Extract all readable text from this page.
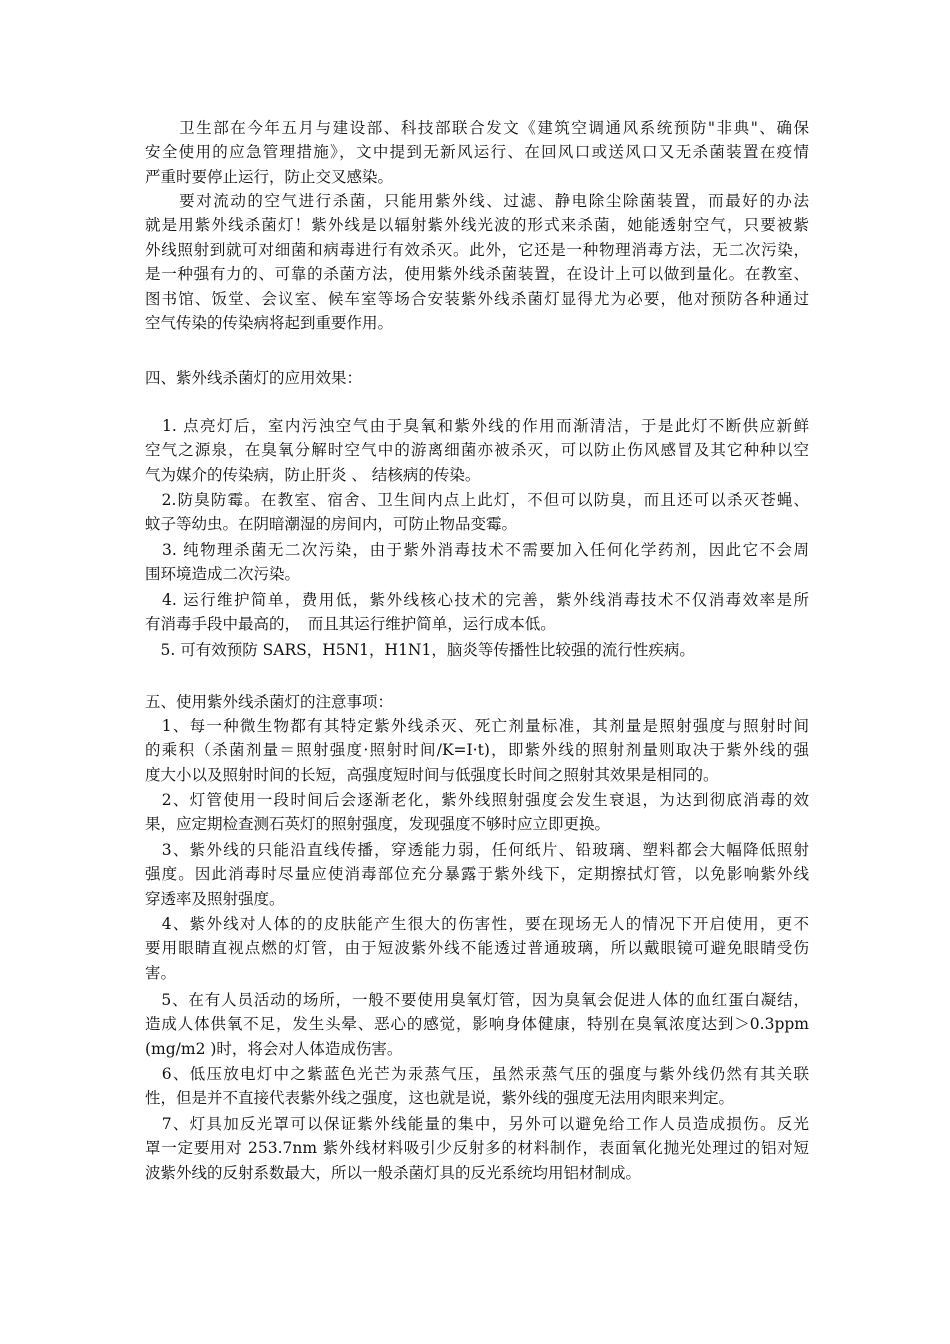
　　卫生部在今年五月与建设部、科技部联合发文《建筑空调通风系统预防"非典"、确保
安全使用的应急管理措施》，文中提到无新风运行、在回风口或送风口又无杀菌装置在疫情
严重时要停止运行，防止交叉感染。
　　要对流动的空气进行杀菌，只能用紫外线、过滤、静电除尘除菌装置，而最好的办法
就是用紫外线杀菌灯！紫外线是以辐射紫外线光波的形式来杀菌，她能透射空气，只要被紫
外线照射到就可对细菌和病毒进行有效杀灭。此外，它还是一种物理消毒方法，无二次污染，
是一种强有力的、可靠的杀菌方法，使用紫外线杀菌装置，在设计上可以做到量化。在教室、
图书馆、饭堂、会议室、候车室等场合安装紫外线杀菌灯显得尤为必要，他对预防各种通过
空气传染的传染病将起到重要作用。

四、紫外线杀菌灯的应用效果：

　1. 点亮灯后，室内污浊空气由于臭氧和紫外线的作用而渐清洁，于是此灯不断供应新鲜
空气之源泉，在臭氧分解时空气中的游离细菌亦被杀灭，可以防止伤风感冒及其它种种以空
气为媒介的传染病，防止肝炎 、 结核病的传染。
　2.防臭防霉。在教室、宿舍、卫生间内点上此灯，不但可以防臭，而且还可以杀灭苍蝇、
蚊子等幼虫。在阴暗潮湿的房间内，可防止物品变霉。
　3. 纯物理杀菌无二次污染，由于紫外消毒技术不需要加入任何化学药剂，因此它不会周
围环境造成二次污染。
　4. 运行维护简单，费用低，紫外线核心技术的完善，紫外线消毒技术不仅消毒效率是所
有消毒手段中最高的，　而且其运行维护简单，运行成本低。
　5. 可有效预防 SARS，H5N1，H1N1，脑炎等传播性比较强的流行性疾病。

五、使用紫外线杀菌灯的注意事项：

　1、每一种微生物都有其特定紫外线杀灭、死亡剂量标准，其剂量是照射强度与照射时间
的乘积（杀菌剂量＝照射强度·照射时间/K=I·t)，即紫外线的照射剂量则取决于紫外线的强
度大小以及照射时间的长短，高强度短时间与低强度长时间之照射其效果是相同的。
　2、灯管使用一段时间后会逐渐老化，紫外线照射强度会发生衰退，为达到彻底消毒的效
果，应定期检查测石英灯的照射强度，发现强度不够时应立即更换。
　3、紫外线的只能沿直线传播，穿透能力弱，任何纸片、铅玻璃、塑料都会大幅降低照射
强度。因此消毒时尽量应使消毒部位充分暴露于紫外线下，定期擦拭灯管，以免影响紫外线
穿透率及照射强度。
　4、紫外线对人体的的皮肤能产生很大的伤害性，要在现场无人的情况下开启使用，更不
要用眼睛直视点燃的灯管，由于短波紫外线不能透过普通玻璃，所以戴眼镜可避免眼睛受伤
害。
　5、在有人员活动的场所，一般不要使用臭氧灯管，因为臭氧会促进人体的血红蛋白凝结，
造成人体供氧不足，发生头晕、恶心的感觉，影响身体健康，特别在臭氧浓度达到＞0.3ppm
(mg/m2 )时，将会对人体造成伤害。
　6、低压放电灯中之紫蓝色光芒为汞蒸气压，虽然汞蒸气压的强度与紫外线仍然有其关联
性，但是并不直接代表紫外线之强度，这也就是说，紫外线的强度无法用肉眼来判定。
　7、灯具加反光罩可以保证紫外线能量的集中，另外可以避免给工作人员造成损伤。反光
罩一定要用对 253.7nm 紫外线材料吸引少反射多的材料制作，表面氧化抛光处理过的铝对短
波紫外线的反射系数最大，所以一般杀菌灯具的反光系统均用铝材制成。
